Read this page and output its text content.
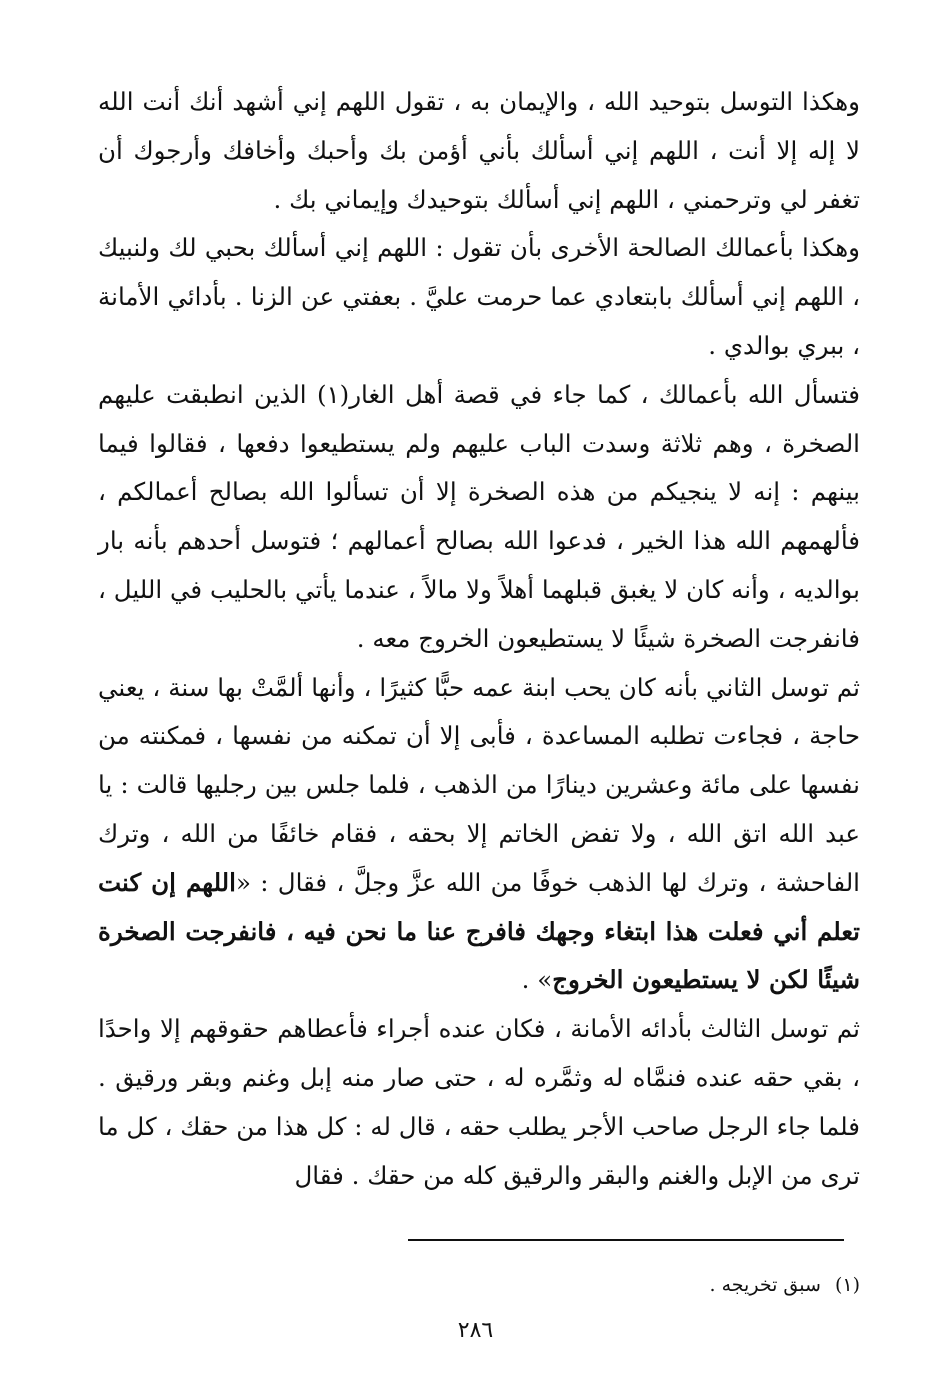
وهكذا التوسل بتوحيد الله ، والإيمان به ، تقول اللهم إني أشهد أنك أنت الله لا إله إلا أنت ، اللهم إني أسألك بأني أؤمن بك وأحبك وأخافك وأرجوك أن تغفر لي وترحمني ، اللهم إني أسألك بتوحيدك وإيماني بك .

وهكذا بأعمالك الصالحة الأخرى بأن تقول : اللهم إني أسألك بحبي لك ولنبيك ، اللهم إني أسألك بابتعادي عما حرمت عليَّ . بعفتي عن الزنا . بأدائي الأمانة ، ببري بوالدي .

فتسأل الله بأعمالك ، كما جاء في قصة أهل الغار(١) الذين انطبقت عليهم الصخرة ، وهم ثلاثة وسدت الباب عليهم ولم يستطيعوا دفعها ، فقالوا فيما بينهم : إنه لا ينجيكم من هذه الصخرة إلا أن تسألوا الله بصالح أعمالكم ، فألهمهم الله هذا الخير ، فدعوا الله بصالح أعمالهم ؛ فتوسل أحدهم بأنه بار بوالديه ، وأنه كان لا يغبق قبلهما أهلاً ولا مالاً ، عندما يأتي بالحليب في الليل ، فانفرجت الصخرة شيئًا لا يستطيعون الخروج معه .

ثم توسل الثاني بأنه كان يحب ابنة عمه حبًّا كثيرًا ، وأنها ألمَّتْ بها سنة ، يعني حاجة ، فجاءت تطلبه المساعدة ، فأبى إلا أن تمكنه من نفسها ، فمكنته من نفسها على مائة وعشرين دينارًا من الذهب ، فلما جلس بين رجليها قالت : يا عبد الله اتق الله ، ولا تفض الخاتم إلا بحقه ، فقام خائفًا من الله ، وترك الفاحشة ، وترك لها الذهب خوفًا من الله عزَّ وجلَّ ، فقال : «اللهم إن كنت تعلم أني فعلت هذا ابتغاء وجهك فافرج عنا ما نحن فيه ، فانفرجت الصخرة شيئًا لكن لا يستطيعون الخروج» .

ثم توسل الثالث بأدائه الأمانة ، فكان عنده أجراء فأعطاهم حقوقهم إلا واحدًا ، بقي حقه عنده فنمَّاه له وثمَّره له ، حتى صار منه إبل وغنم وبقر ورقيق . فلما جاء الرجل صاحب الأجر يطلب حقه ، قال له : كل هذا من حقك ، كل ما ترى من الإبل والغنم والبقر والرقيق كله من حقك . فقال

(١)سبق تخريجه .
٢٨٦
